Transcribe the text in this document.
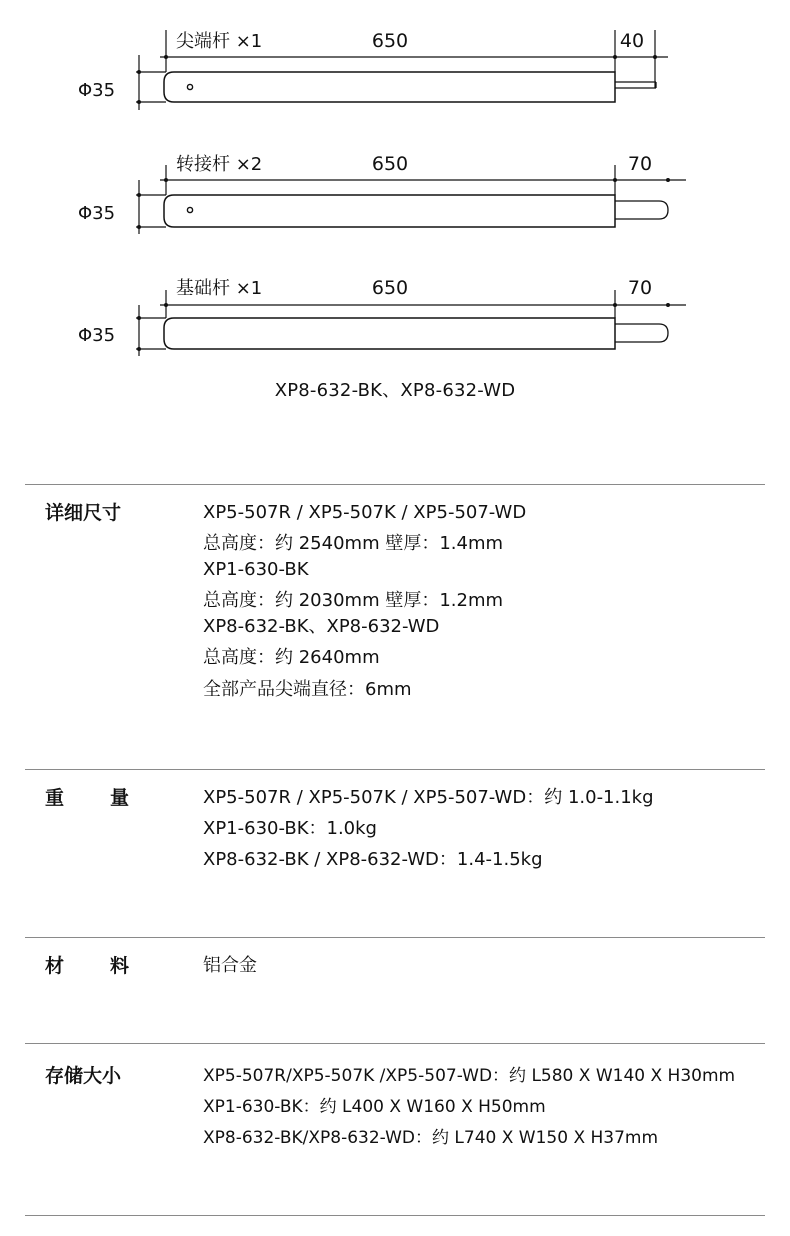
尖端杆 ×1	650	40
Φ35
转接杆 ×2	650	70
Φ35
基础杆 ×1	650	70
Φ35
XP8-632-BK、XP8-632-WD
详细尺寸	XP5-507R / XP5-507K / XP5-507-WD
总高度：约 2540mm 壁厚：1.4mm
XP1-630-BK
总高度：约 2030mm 壁厚：1.2mm
XP8-632-BK、XP8-632-WD
总高度：约 2640mm
全部产品尖端直径：6mm
重 量	XP5-507R / XP5-507K / XP5-507-WD：约 1.0-1.1kg
XP1-630-BK：1.0kg
XP8-632-BK / XP8-632-WD：1.4-1.5kg
材 料	铝合金
存储大小	XP5-507R/XP5-507K /XP5-507-WD：约 L580 X W140 X H30mm
XP1-630-BK：约 L400 X W160 X H50mm
XP8-632-BK/XP8-632-WD：约 L740 X W150 X H37mm
